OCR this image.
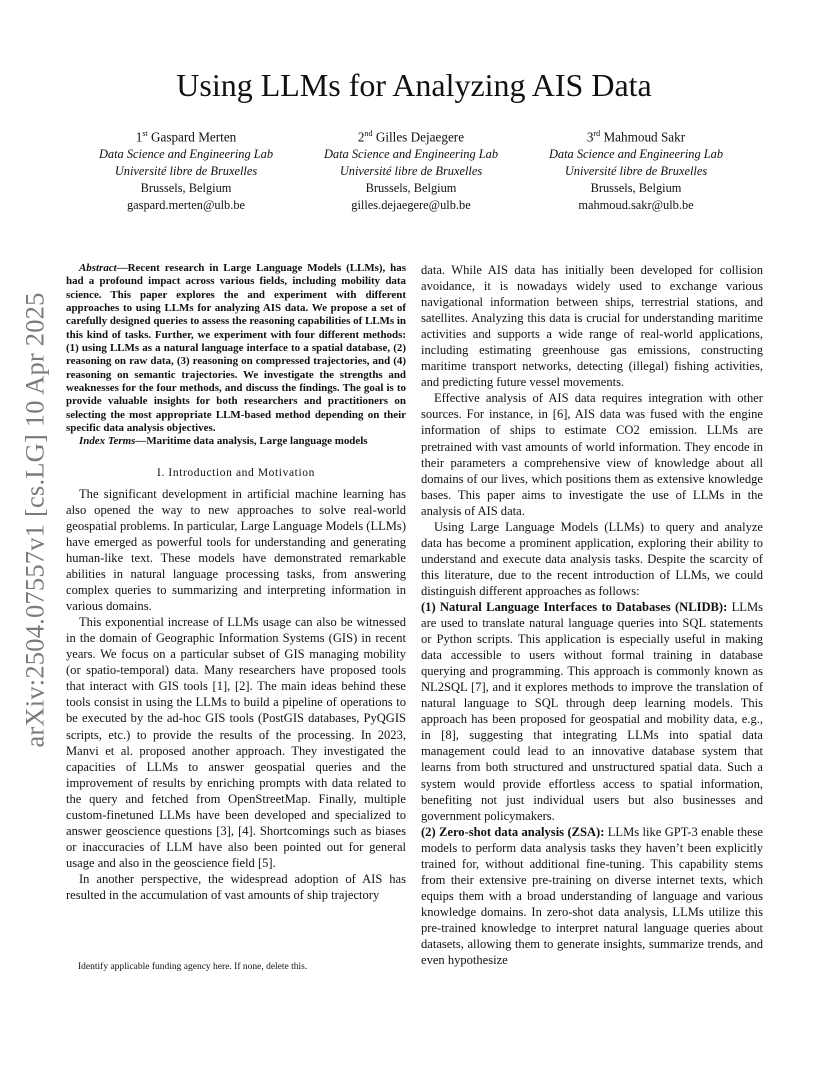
arXiv:2504.07557v1 [cs.LG] 10 Apr 2025
Using LLMs for Analyzing AIS Data
1st Gaspard Merten
Data Science and Engineering Lab
Université libre de Bruxelles
Brussels, Belgium
gaspard.merten@ulb.be
2nd Gilles Dejaegere
Data Science and Engineering Lab
Université libre de Bruxelles
Brussels, Belgium
gilles.dejaegere@ulb.be
3rd Mahmoud Sakr
Data Science and Engineering Lab
Université libre de Bruxelles
Brussels, Belgium
mahmoud.sakr@ulb.be

Abstract—Recent research in Large Language Models (LLMs), has had a profound impact across various fields, including mobility data science. This paper explores the and experiment with different approaches to using LLMs for analyzing AIS data. We propose a set of carefully designed queries to assess the reasoning capabilities of LLMs in this kind of tasks. Further, we experiment with four different methods: (1) using LLMs as a natural language interface to a spatial database, (2) reasoning on raw data, (3) reasoning on compressed trajectories, and (4) reasoning on semantic trajectories. We investigate the strengths and weaknesses for the four methods, and discuss the findings. The goal is to provide valuable insights for both researchers and practitioners on selecting the most appropriate LLM-based method depending on their specific data analysis objectives.

Index Terms—Maritime data analysis, Large language models

I. Introduction and Motivation

The significant development in artificial machine learning has also opened the way to new approaches to solve real-world geospatial problems. In particular, Large Language Models (LLMs) have emerged as powerful tools for understanding and generating human-like text. These models have demonstrated remarkable abilities in natural language processing tasks, from answering complex queries to summarizing and interpreting information in various domains.

This exponential increase of LLMs usage can also be witnessed in the domain of Geographic Information Systems (GIS) in recent years. We focus on a particular subset of GIS managing mobility (or spatio-temporal) data. Many researchers have proposed tools that interact with GIS tools [1], [2]. The main ideas behind these tools consist in using the LLMs to build a pipeline of operations to be executed by the ad-hoc GIS tools (PostGIS databases, PyQGIS scripts, etc.) to provide the results of the processing. In 2023, Manvi et al. proposed another approach. They investigated the capacities of LLMs to answer geospatial queries and the improvement of results by enriching prompts with data related to the query and fetched from OpenStreetMap. Finally, multiple custom-finetuned LLMs have been developed and specialized to answer geoscience questions [3], [4]. Shortcomings such as biases or inaccuracies of LLM have also been pointed out for general usage and also in the geoscience field [5].

In another perspective, the widespread adoption of AIS has resulted in the accumulation of vast amounts of ship trajectory

Identify applicable funding agency here. If none, delete this.

data. While AIS data has initially been developed for collision avoidance, it is nowadays widely used to exchange various navigational information between ships, terrestrial stations, and satellites. Analyzing this data is crucial for understanding maritime activities and supports a wide range of real-world applications, including estimating greenhouse gas emissions, constructing maritime transport networks, detecting (illegal) fishing activities, and predicting future vessel movements.

Effective analysis of AIS data requires integration with other sources. For instance, in [6], AIS data was fused with the engine information of ships to estimate CO2 emission. LLMs are pretrained with vast amounts of world information. They encode in their parameters a comprehensive view of knowledge about all domains of our lives, which positions them as extensive knowledge bases. This paper aims to investigate the use of LLMs in the analysis of AIS data.

Using Large Language Models (LLMs) to query and analyze data has become a prominent application, exploring their ability to understand and execute data analysis tasks. Despite the scarcity of this literature, due to the recent introduction of LLMs, we could distinguish different approaches as follows:

(1) Natural Language Interfaces to Databases (NLIDB): LLMs are used to translate natural language queries into SQL statements or Python scripts. This application is especially useful in making data accessible to users without formal training in database querying and programming. This approach is commonly known as NL2SQL [7], and it explores methods to improve the translation of natural language to SQL through deep learning models. This approach has been proposed for geospatial and mobility data, e.g., in [8], suggesting that integrating LLMs into spatial data management could lead to an innovative database system that learns from both structured and unstructured spatial data. Such a system would provide effortless access to spatial information, benefiting not just individual users but also businesses and government policymakers.

(2) Zero-shot data analysis (ZSA): LLMs like GPT-3 enable these models to perform data analysis tasks they haven’t been explicitly trained for, without additional fine-tuning. This capability stems from their extensive pre-training on diverse internet texts, which equips them with a broad understanding of language and various knowledge domains. In zero-shot data analysis, LLMs utilize this pre-trained knowledge to interpret natural language queries about datasets, allowing them to generate insights, summarize trends, and even hypothesize
